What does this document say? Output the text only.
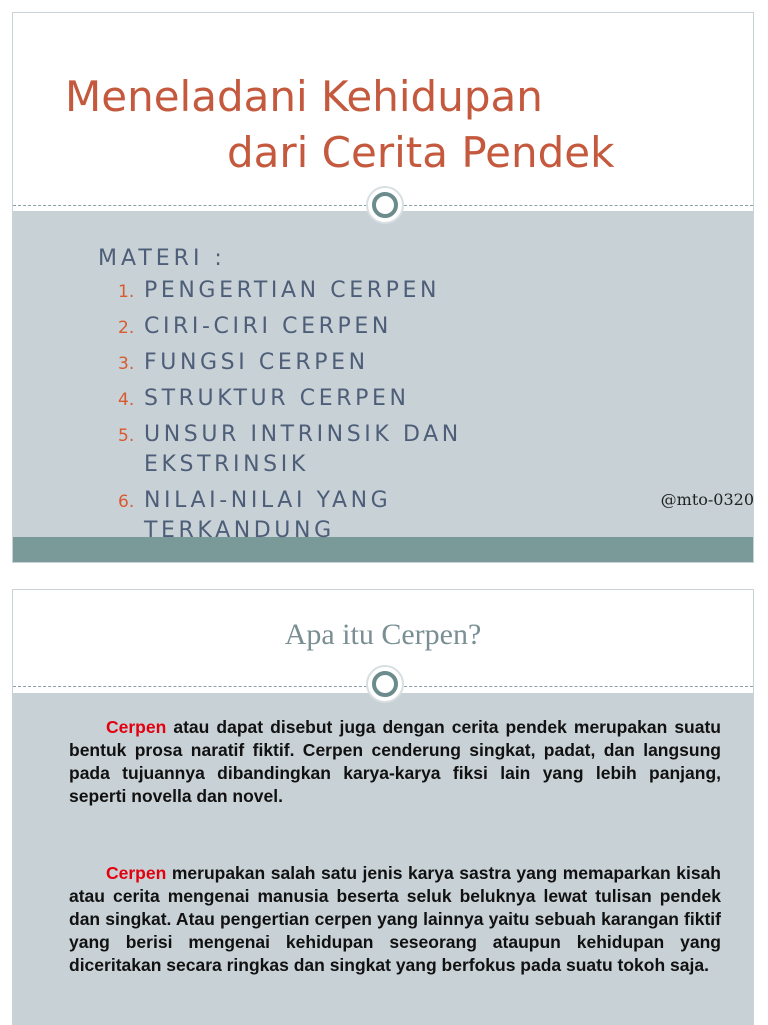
Meneladani Kehidupan
dari Cerita Pendek

MATERI :

1. PENGERTIAN CERPEN
2. CIRI-CIRI CERPEN
3. FUNGSI CERPEN
4. STRUKTUR CERPEN
5. UNSUR INTRINSIK DAN EKSTRINSIK
6. NILAI-NILAI YANG TERKANDUNG
@mto-0320
Apa itu Cerpen?

Cerpen atau dapat disebut juga dengan cerita pendek merupakan suatu bentuk prosa naratif fiktif. Cerpen cenderung singkat, padat, dan langsung pada tujuannya dibandingkan karya-karya fiksi lain yang lebih panjang, seperti novella dan novel.

Cerpen merupakan salah satu jenis karya sastra yang memaparkan kisah atau cerita mengenai manusia beserta seluk beluknya lewat tulisan pendek dan singkat. Atau pengertian cerpen yang lainnya yaitu sebuah karangan fiktif yang berisi mengenai kehidupan seseorang ataupun kehidupan yang diceritakan secara ringkas dan singkat yang berfokus pada suatu tokoh saja.
